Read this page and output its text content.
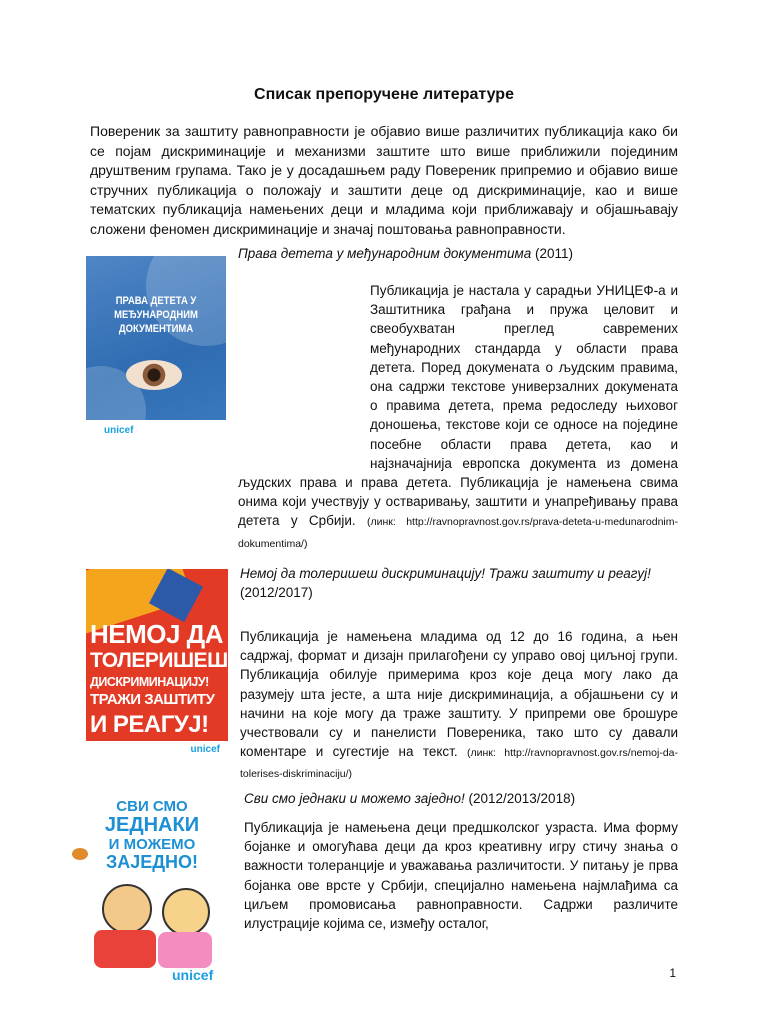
Списак препоручене литературе

Повереник за заштиту равноправности је објавио више различитих публикација како би се појам дискриминације и механизми заштите што више приближили појединим друштвеним групама. Тако је у досадашњем раду Повереник припремио и објавио више стручних публикација о положају и заштити деце од дискриминације, као и више тематских публикација намењених деци и младима који приближавају и објашњавају сложени феномен дискриминације и значај поштовања равноправности.

ПРАВА ДЕТЕТА У МЕЂУНАРОДНИМ ДОКУМЕНТИМА
unicef

Права детета у међународним документима (2011)

Публикација је настала у сарадњи УНИЦЕФ-а и Заштитника грађана и пружа целовит и свеобухватан преглед савремених међународних стандарда у области права детета. Поред докумената о људским правима, она садржи текстове универзалних докумената о правима детета, према редоследу њиховог доношења, текстове који се односе на поједине посебне области права детета, као и најзначајнија европска документа из домена људских права и права детета. Публикација је намењена свима онима који учествују у остваривању, заштити и унапређивању права детета у Србији. (линк: http://ravnopravnost.gov.rs/prava-deteta-u-medunarodnim-dokumentima/)

НЕМОЈ ДА
ТОЛЕРИШЕШ
ДИСКРИМИНАЦИЈУ!
ТРАЖИ ЗАШТИТУ
И РЕАГУЈ!
unicef

Немој да толеришеш дискриминацију! Тражи заштиту и реагуј! (2012/2017)

Публикација је намењена младима од 12 до 16 година, а њен садржај, формат и дизајн прилагођени су управо овој циљној групи. Публикација обилује примерима кроз које деца могу лако да разумеју шта јесте, а шта није дискриминација, а објашњени су и начини на које могу да траже заштиту. У припреми ове брошуре учествовали су и панелисти Повереника, тако што су давали коментаре и сугестије на текст. (линк: http://ravnopravnost.gov.rs/nemoj-da-tolerises-diskriminaciju/)

СВИ СМО
ЈЕДНАКИ
И МОЖЕМО
ЗАЈЕДНО!
unicef

Сви смо једнаки и можемо заједно! (2012/2013/2018)

Публикација је намењена деци предшколског узраста. Има форму бојанке и омогућава деци да кроз креативну игру стичу знања о важности толеранције и уважавања различитости. У питању је прва бојанка ове врсте у Србији, специјално намењена најмлађима са циљем промовисања равноправности. Садржи различите илустрације којима се, између осталог,

1
